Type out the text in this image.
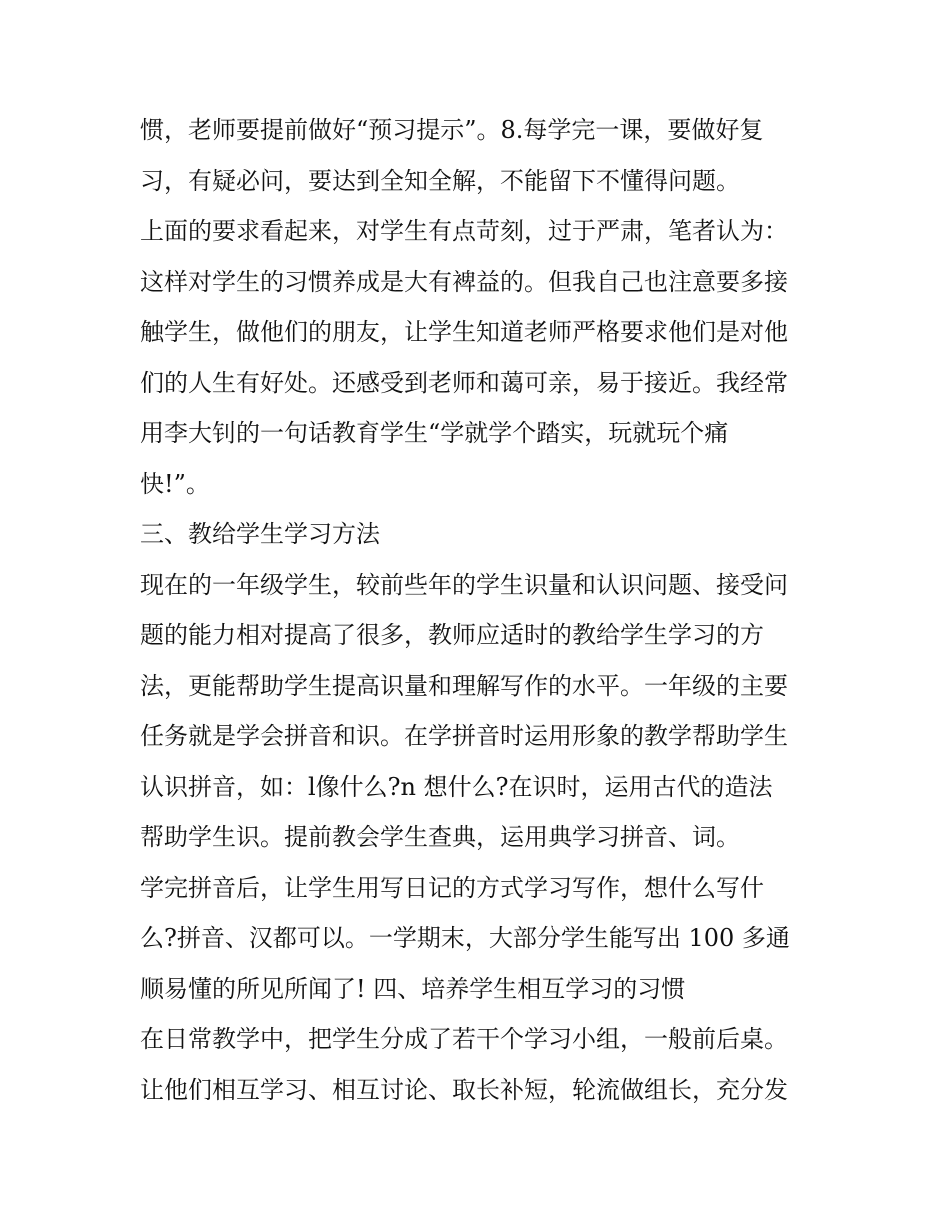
惯，老师要提前做好“预习提示”。8.每学完一课，要做好复
习，有疑必问，要达到全知全解，不能留下不懂得问题。
上面的要求看起来，对学生有点苛刻，过于严肃，笔者认为：
这样对学生的习惯养成是大有裨益的。但我自己也注意要多接
触学生，做他们的朋友，让学生知道老师严格要求他们是对他
们的人生有好处。还感受到老师和蔼可亲，易于接近。我经常
用李大钊的一句话教育学生“学就学个踏实，玩就玩个痛
快!”。
三、教给学生学习方法
现在的一年级学生，较前些年的学生识量和认识问题、接受问
题的能力相对提高了很多，教师应适时的教给学生学习的方
法，更能帮助学生提高识量和理解写作的水平。一年级的主要
任务就是学会拼音和识。在学拼音时运用形象的教学帮助学生
认识拼音，如：l像什么?n 想什么?在识时，运用古代的造法
帮助学生识。提前教会学生查典，运用典学习拼音、词。
学完拼音后，让学生用写日记的方式学习写作，想什么写什
么?拼音、汉都可以。一学期末，大部分学生能写出 100 多通
顺易懂的所见所闻了! 四、培养学生相互学习的习惯
在日常教学中，把学生分成了若干个学习小组，一般前后桌。
让他们相互学习、相互讨论、取长补短，轮流做组长，充分发
